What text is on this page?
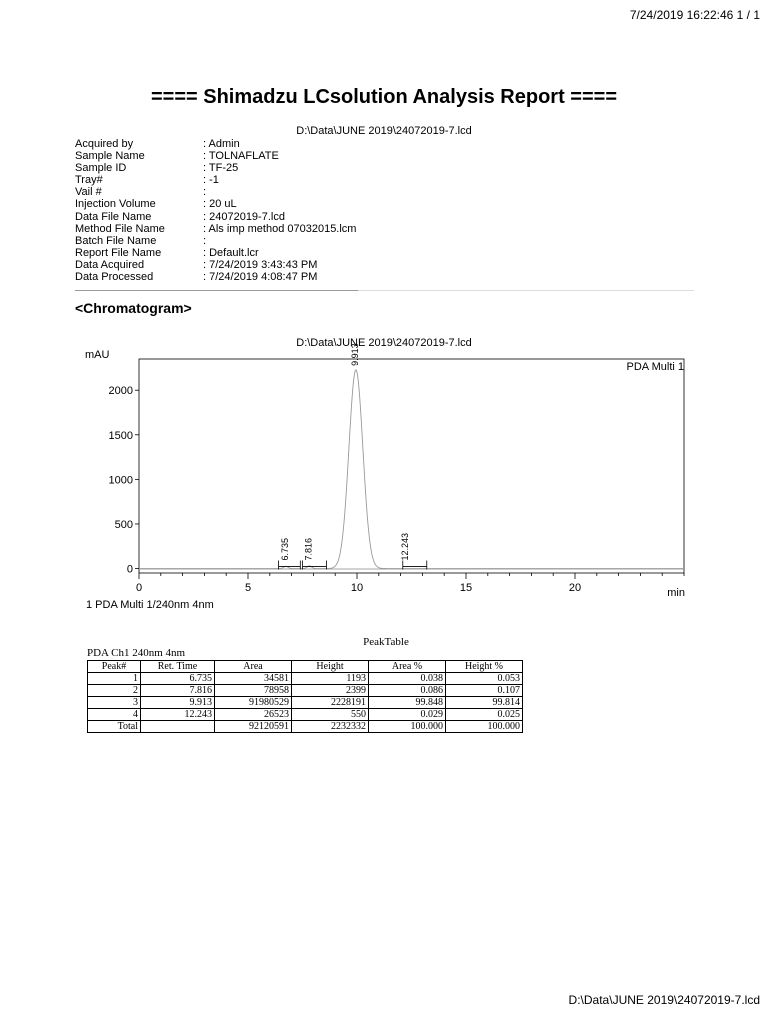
7/24/2019 16:22:46 1 / 1
==== Shimadzu LCsolution Analysis Report ====
D:\Data\JUNE 2019\24072019-7.lcd
Acquired by	: Admin
Sample Name	: TOLNAFLATE
Sample ID	: TF-25
Tray#	: -1
Vail #	:
Injection Volume	: 20 uL
Data File Name	: 24072019-7.lcd
Method File Name	: Als imp method 07032015.lcm
Batch File Name	:
Report File Name	: Default.lcr
Data Acquired	: 7/24/2019 3:43:43 PM
Data Processed	: 7/24/2019 4:08:47 PM
<Chromatogram>
D:\Data\JUNE 2019\24072019-7.lcd
mAU
min
PDA Multi 1
0
500
1000
1500
2000
0	5	10	15	20
6.735 7.816
9.913
12.243
1 PDA Multi 1/240nm 4nm
PeakTable
PDA Ch1 240nm 4nm
Peak#	Ret. Time	Area	Height	Area %	Height %
1	6.735	34581	1193	0.038	0.053
2	7.816	78958	2399	0.086	0.107
3	9.913	91980529	2228191	99.848	99.814
4	12.243	26523	550	0.029	0.025
Total		92120591	2232332	100.000	100.000
D:\Data\JUNE 2019\24072019-7.lcd
